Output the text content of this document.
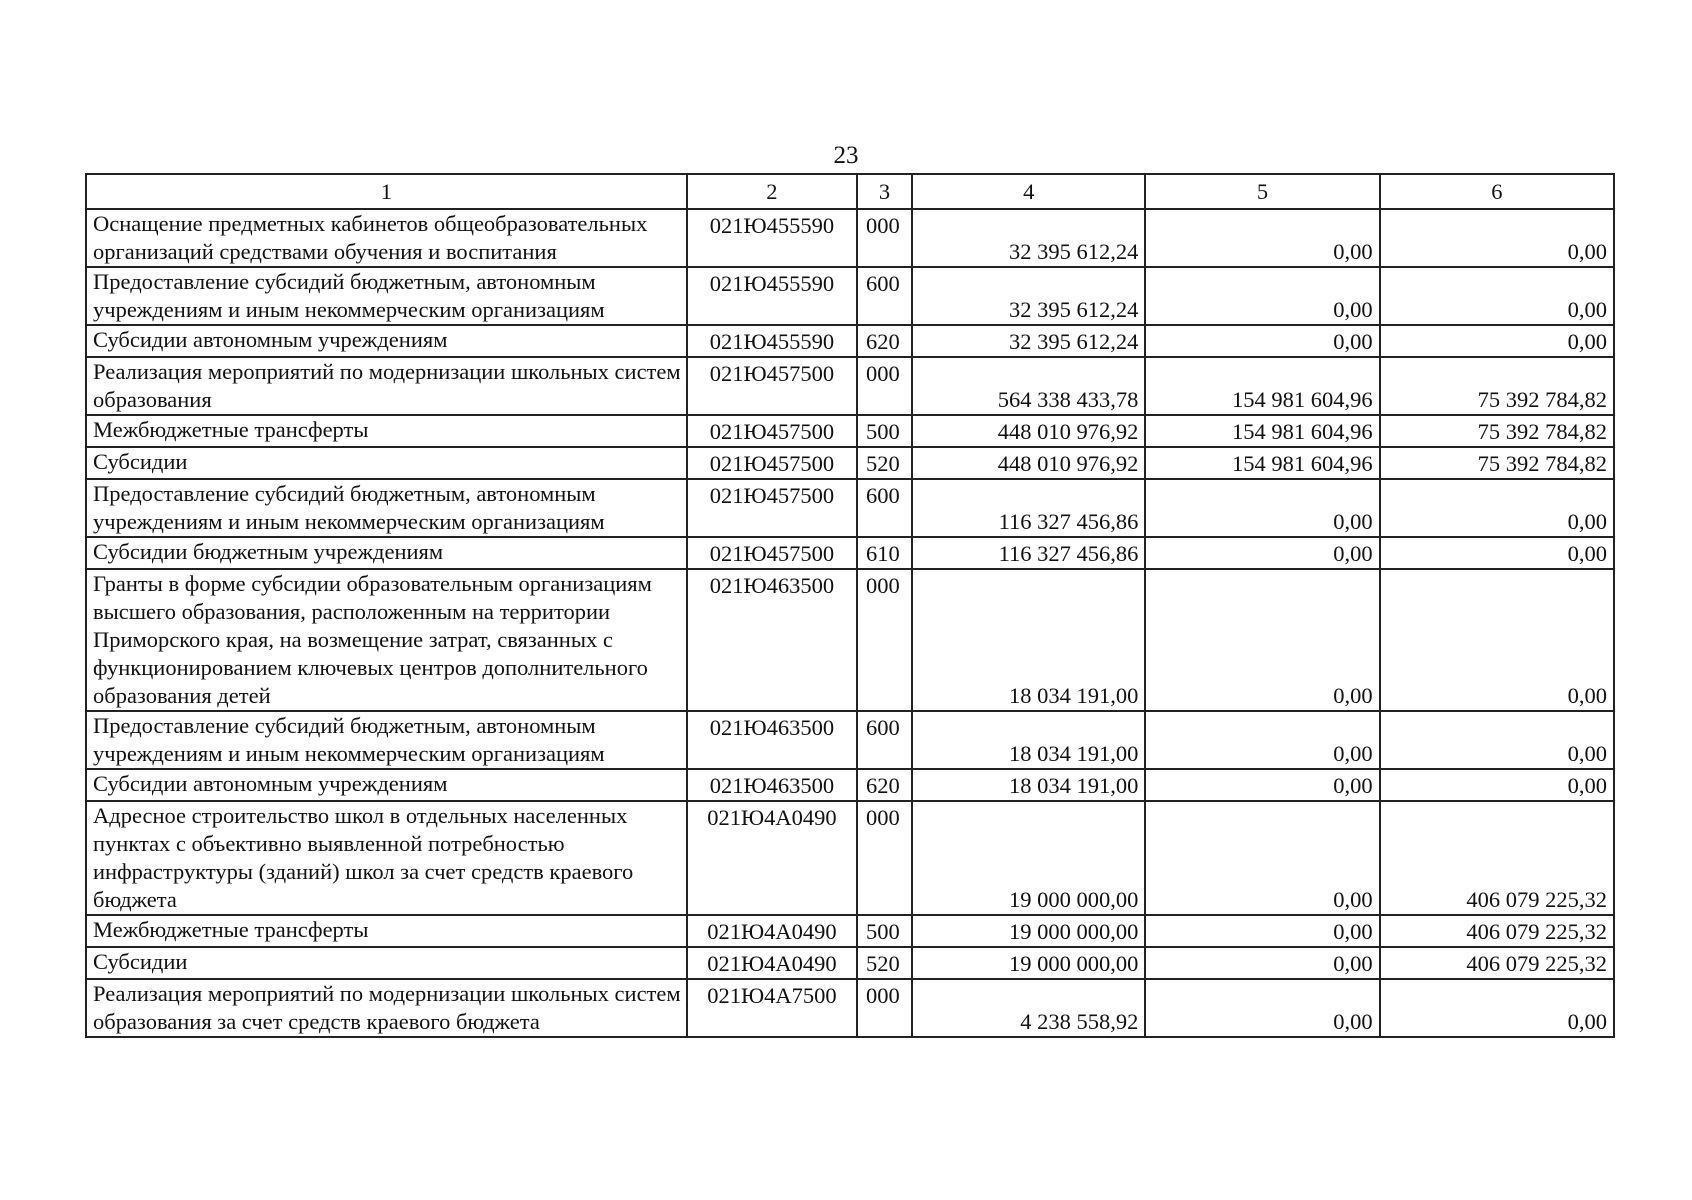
23
1	2	3	4	5	6
Оснащение предметных кабинетов общеобразовательных организаций средствами обучения и воспитания	021Ю455590	000	32 395 612,24	0,00	0,00
Предоставление субсидий бюджетным, автономным учреждениям и иным некоммерческим организациям	021Ю455590	600	32 395 612,24	0,00	0,00
Субсидии автономным учреждениям	021Ю455590	620	32 395 612,24	0,00	0,00
Реализация мероприятий по модернизации школьных систем образования	021Ю457500	000	564 338 433,78	154 981 604,96	75 392 784,82
Межбюджетные трансферты	021Ю457500	500	448 010 976,92	154 981 604,96	75 392 784,82
Субсидии	021Ю457500	520	448 010 976,92	154 981 604,96	75 392 784,82
Предоставление субсидий бюджетным, автономным учреждениям и иным некоммерческим организациям	021Ю457500	600	116 327 456,86	0,00	0,00
Субсидии бюджетным учреждениям	021Ю457500	610	116 327 456,86	0,00	0,00
Гранты в форме субсидии образовательным организациям высшего образования, расположенным на территории Приморского края, на возмещение затрат, связанных с функционированием ключевых центров дополнительного образования детей	021Ю463500	000	18 034 191,00	0,00	0,00
Предоставление субсидий бюджетным, автономным учреждениям и иным некоммерческим организациям	021Ю463500	600	18 034 191,00	0,00	0,00
Субсидии автономным учреждениям	021Ю463500	620	18 034 191,00	0,00	0,00
Адресное строительство школ в отдельных населенных пунктах с объективно выявленной потребностью инфраструктуры (зданий) школ за счет средств краевого бюджета	021Ю4А0490	000	19 000 000,00	0,00	406 079 225,32
Межбюджетные трансферты	021Ю4А0490	500	19 000 000,00	0,00	406 079 225,32
Субсидии	021Ю4А0490	520	19 000 000,00	0,00	406 079 225,32
Реализация мероприятий по модернизации школьных систем образования за счет средств краевого бюджета	021Ю4А7500	000	4 238 558,92	0,00	0,00
